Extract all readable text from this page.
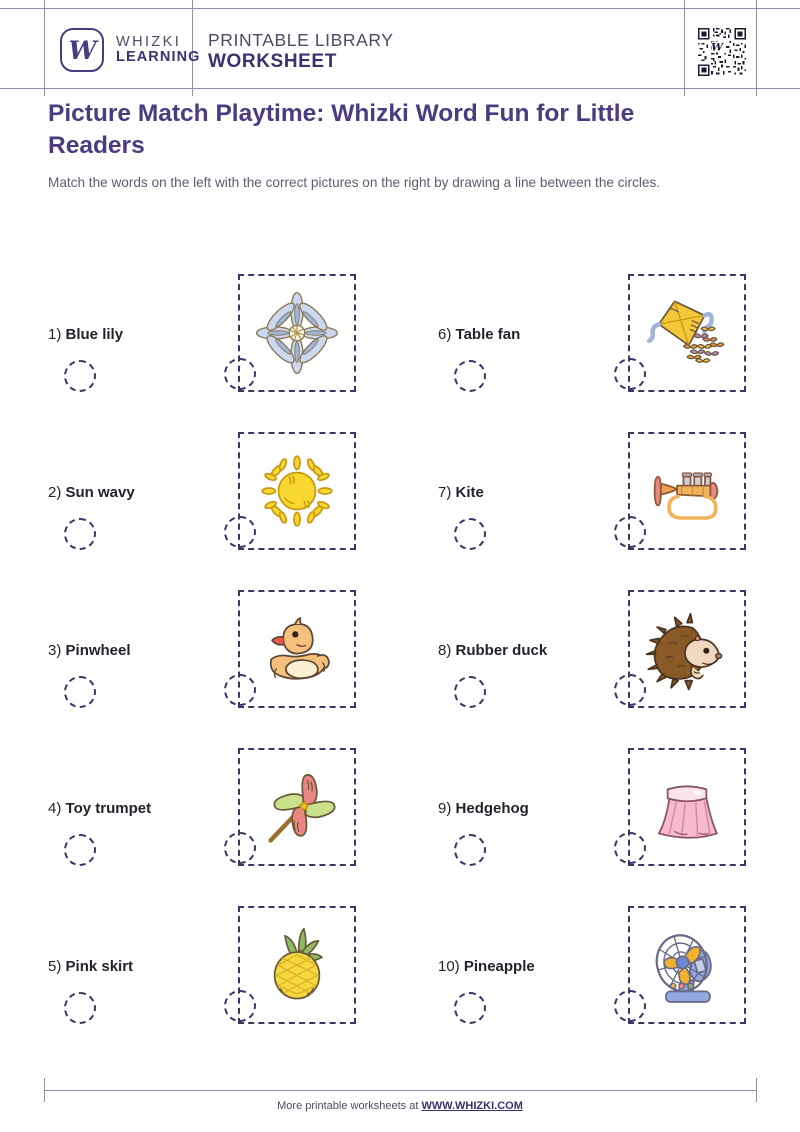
W WHIZKI
LEARNING
PRINTABLE LIBRARY
WORKSHEET
W
Picture Match Playtime: Whizki Word Fun for Little Readers
Match the words on the left with the correct pictures on the right by drawing a line between the circles.
1) Blue lily
2) Sun wavy
3) Pinwheel
4) Toy trumpet
5) Pink skirt
6) Table fan
7) Kite
8) Rubber duck
9) Hedgehog
10) Pineapple
More printable worksheets at WWW.WHIZKI.COM
